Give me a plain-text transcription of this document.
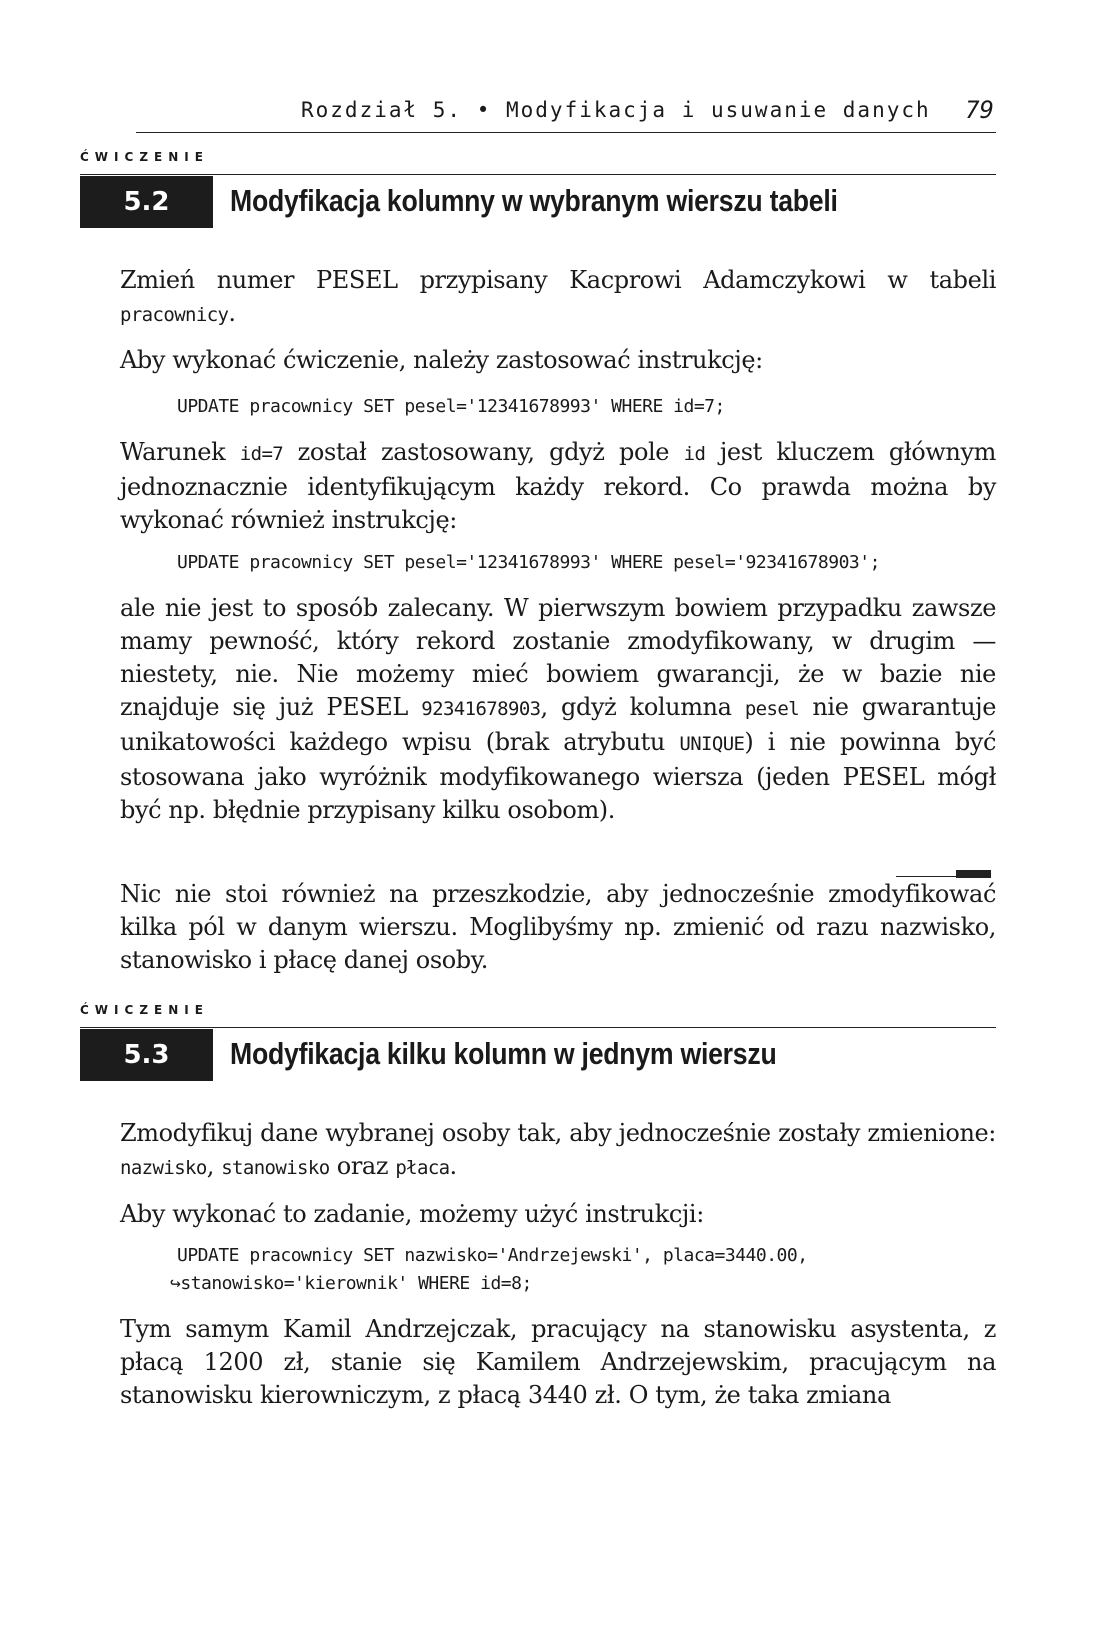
Rozdział 5. • Modyfikacja i usuwanie danych 79
ĆWICZENIE
5.2	Modyfikacja kolumny w wybranym wierszu tabeli
Zmień numer PESEL przypisany Kacprowi Adamczykowi w tabeli pracownicy.
Aby wykonać ćwiczenie, należy zastosować instrukcję:
UPDATE pracownicy SET pesel='12341678993' WHERE id=7;
Warunek id=7 został zastosowany, gdyż pole id jest kluczem głównym jednoznacznie identyfikującym każdy rekord. Co prawda można by wykonać również instrukcję:
UPDATE pracownicy SET pesel='12341678993' WHERE pesel='92341678903';
ale nie jest to sposób zalecany. W pierwszym bowiem przypadku zawsze mamy pewność, który rekord zostanie zmodyfikowany, w drugim — niestety, nie. Nie możemy mieć bowiem gwarancji, że w bazie nie znajduje się już PESEL 92341678903, gdyż kolumna pesel nie gwarantuje unikatowości każdego wpisu (brak atrybutu UNIQUE) i nie powinna być stosowana jako wyróżnik modyfikowanego wiersza (jeden PESEL mógł być np. błędnie przypisany kilku osobom).
Nic nie stoi również na przeszkodzie, aby jednocześnie zmodyfikować kilka pól w danym wierszu. Moglibyśmy np. zmienić od razu nazwisko, stanowisko i płacę danej osoby.
ĆWICZENIE
5.3	Modyfikacja kilku kolumn w jednym wierszu
Zmodyfikuj dane wybranej osoby tak, aby jednocześnie zostały zmienione: nazwisko, stanowisko oraz płaca.
Aby wykonać to zadanie, możemy użyć instrukcji:
UPDATE pracownicy SET nazwisko='Andrzejewski', placa=3440.00,
↪stanowisko='kierownik' WHERE id=8;
Tym samym Kamil Andrzejczak, pracujący na stanowisku asystenta, z płacą 1200 zł, stanie się Kamilem Andrzejewskim, pracującym na stanowisku kierowniczym, z płacą 3440 zł. O tym, że taka zmiana
